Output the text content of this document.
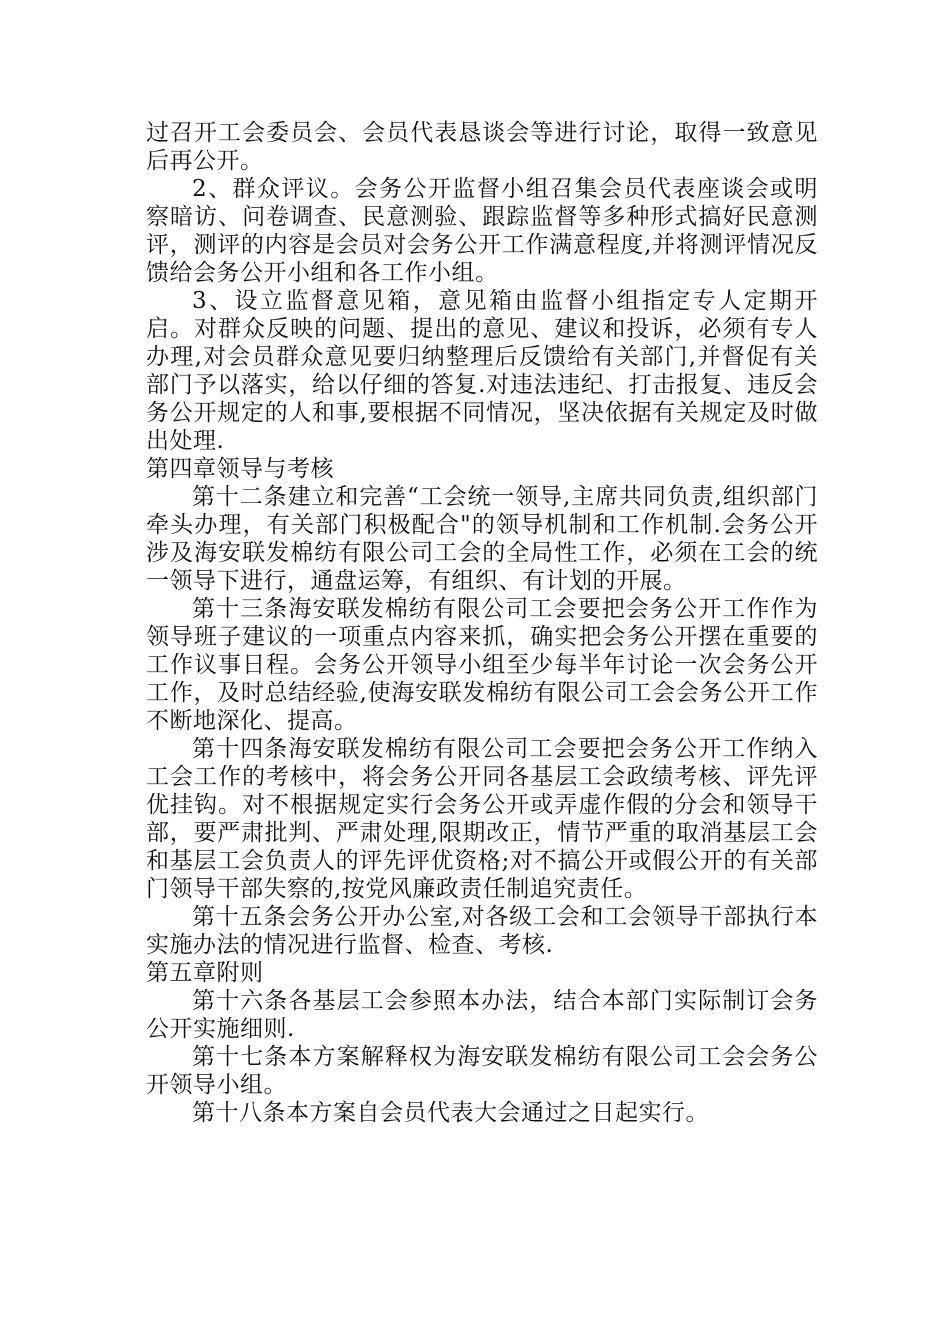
过召开工会委员会、会员代表恳谈会等进行讨论，取得一致意见后再公开。

2、群众评议。会务公开监督小组召集会员代表座谈会或明察暗访、问卷调查、民意测验、跟踪监督等多种形式搞好民意测评，测评的内容是会员对会务公开工作满意程度,并将测评情况反馈给会务公开小组和各工作小组。

3、设立监督意见箱，意见箱由监督小组指定专人定期开启。对群众反映的问题、提出的意见、建议和投诉，必须有专人办理,对会员群众意见要归纳整理后反馈给有关部门,并督促有关部门予以落实，给以仔细的答复.对违法违纪、打击报复、违反会务公开规定的人和事,要根据不同情况，坚决依据有关规定及时做出处理.

第四章领导与考核

第十二条建立和完善“工会统一领导,主席共同负责,组织部门牵头办理，有关部门积极配合"的领导机制和工作机制.会务公开涉及海安联发棉纺有限公司工会的全局性工作，必须在工会的统一领导下进行，通盘运筹，有组织、有计划的开展。

第十三条海安联发棉纺有限公司工会要把会务公开工作作为领导班子建议的一项重点内容来抓，确实把会务公开摆在重要的工作议事日程。会务公开领导小组至少每半年讨论一次会务公开工作，及时总结经验,使海安联发棉纺有限公司工会会务公开工作不断地深化、提高。

第十四条海安联发棉纺有限公司工会要把会务公开工作纳入工会工作的考核中，将会务公开同各基层工会政绩考核、评先评优挂钩。对不根据规定实行会务公开或弄虚作假的分会和领导干部，要严肃批判、严肃处理,限期改正，情节严重的取消基层工会和基层工会负责人的评先评优资格;对不搞公开或假公开的有关部门领导干部失察的,按党风廉政责任制追究责任。

第十五条会务公开办公室,对各级工会和工会领导干部执行本实施办法的情况进行监督、检查、考核.

第五章附则

第十六条各基层工会参照本办法，结合本部门实际制订会务公开实施细则.

第十七条本方案解释权为海安联发棉纺有限公司工会会务公开领导小组。

第十八条本方案自会员代表大会通过之日起实行。
